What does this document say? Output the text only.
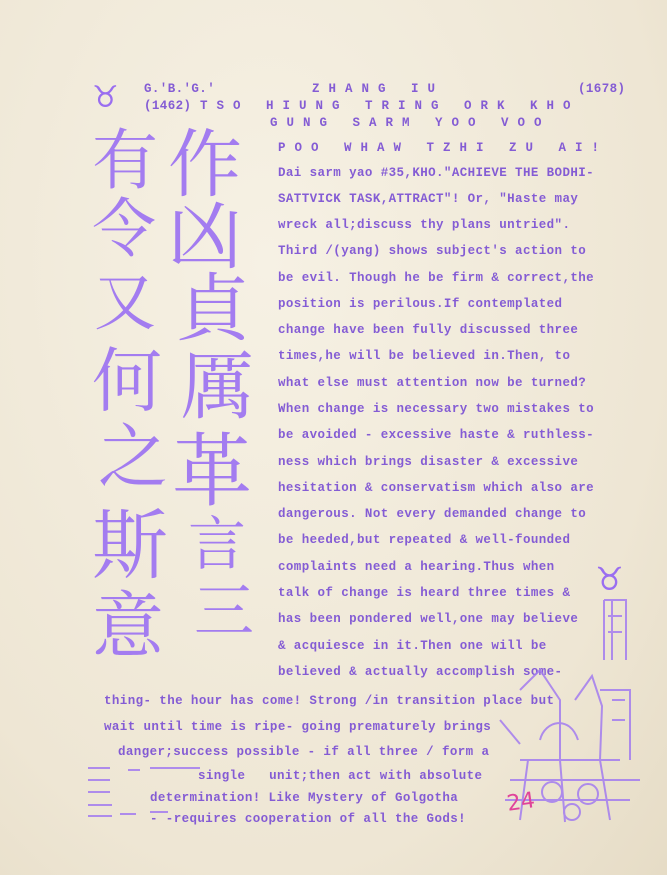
♉ G.'B.'G.'	ZHANG IU	(1678)
(1462) TSO HIUNG TRING ORK KHO
GUNG SARM YOO VOO
POO WHAW TZHI ZU AI!
Dai sarm yao #35,KHO."ACHIEVE THE BODHI-
SATTVICK TASK,ATTRACT"! Or, "Haste may
wreck all;discuss thy plans untried".
Third /(yang) shows subject's action to
be evil. Though he be firm & correct,the
position is perilous.If contemplated
change have been fully discussed three
times,he will be believed in.Then, to
what else must attention now be turned?
When change is necessary two mistakes to
be avoided - excessive haste & ruthless-
ness which brings disaster & excessive
hesitation & conservatism which also are
dangerous. Not every demanded change to
be heeded,but repeated & well-founded
complaints need a hearing.Thus when
talk of change is heard three times &
has been pondered well,one may believe
& acquiesce in it.Then one will be
believed & actually accomplish some-
thing- the hour has come! Strong /in transition place but
wait until time is ripe- going prematurely brings
danger;success possible - if all three / form a
single   unit;then act with absolute
determination! Like Mystery of Golgotha
- -requires cooperation of all the Gods!
作
凶
貞
厲
革
言
三
有
令
又
何
之
斯
意
♉
24
